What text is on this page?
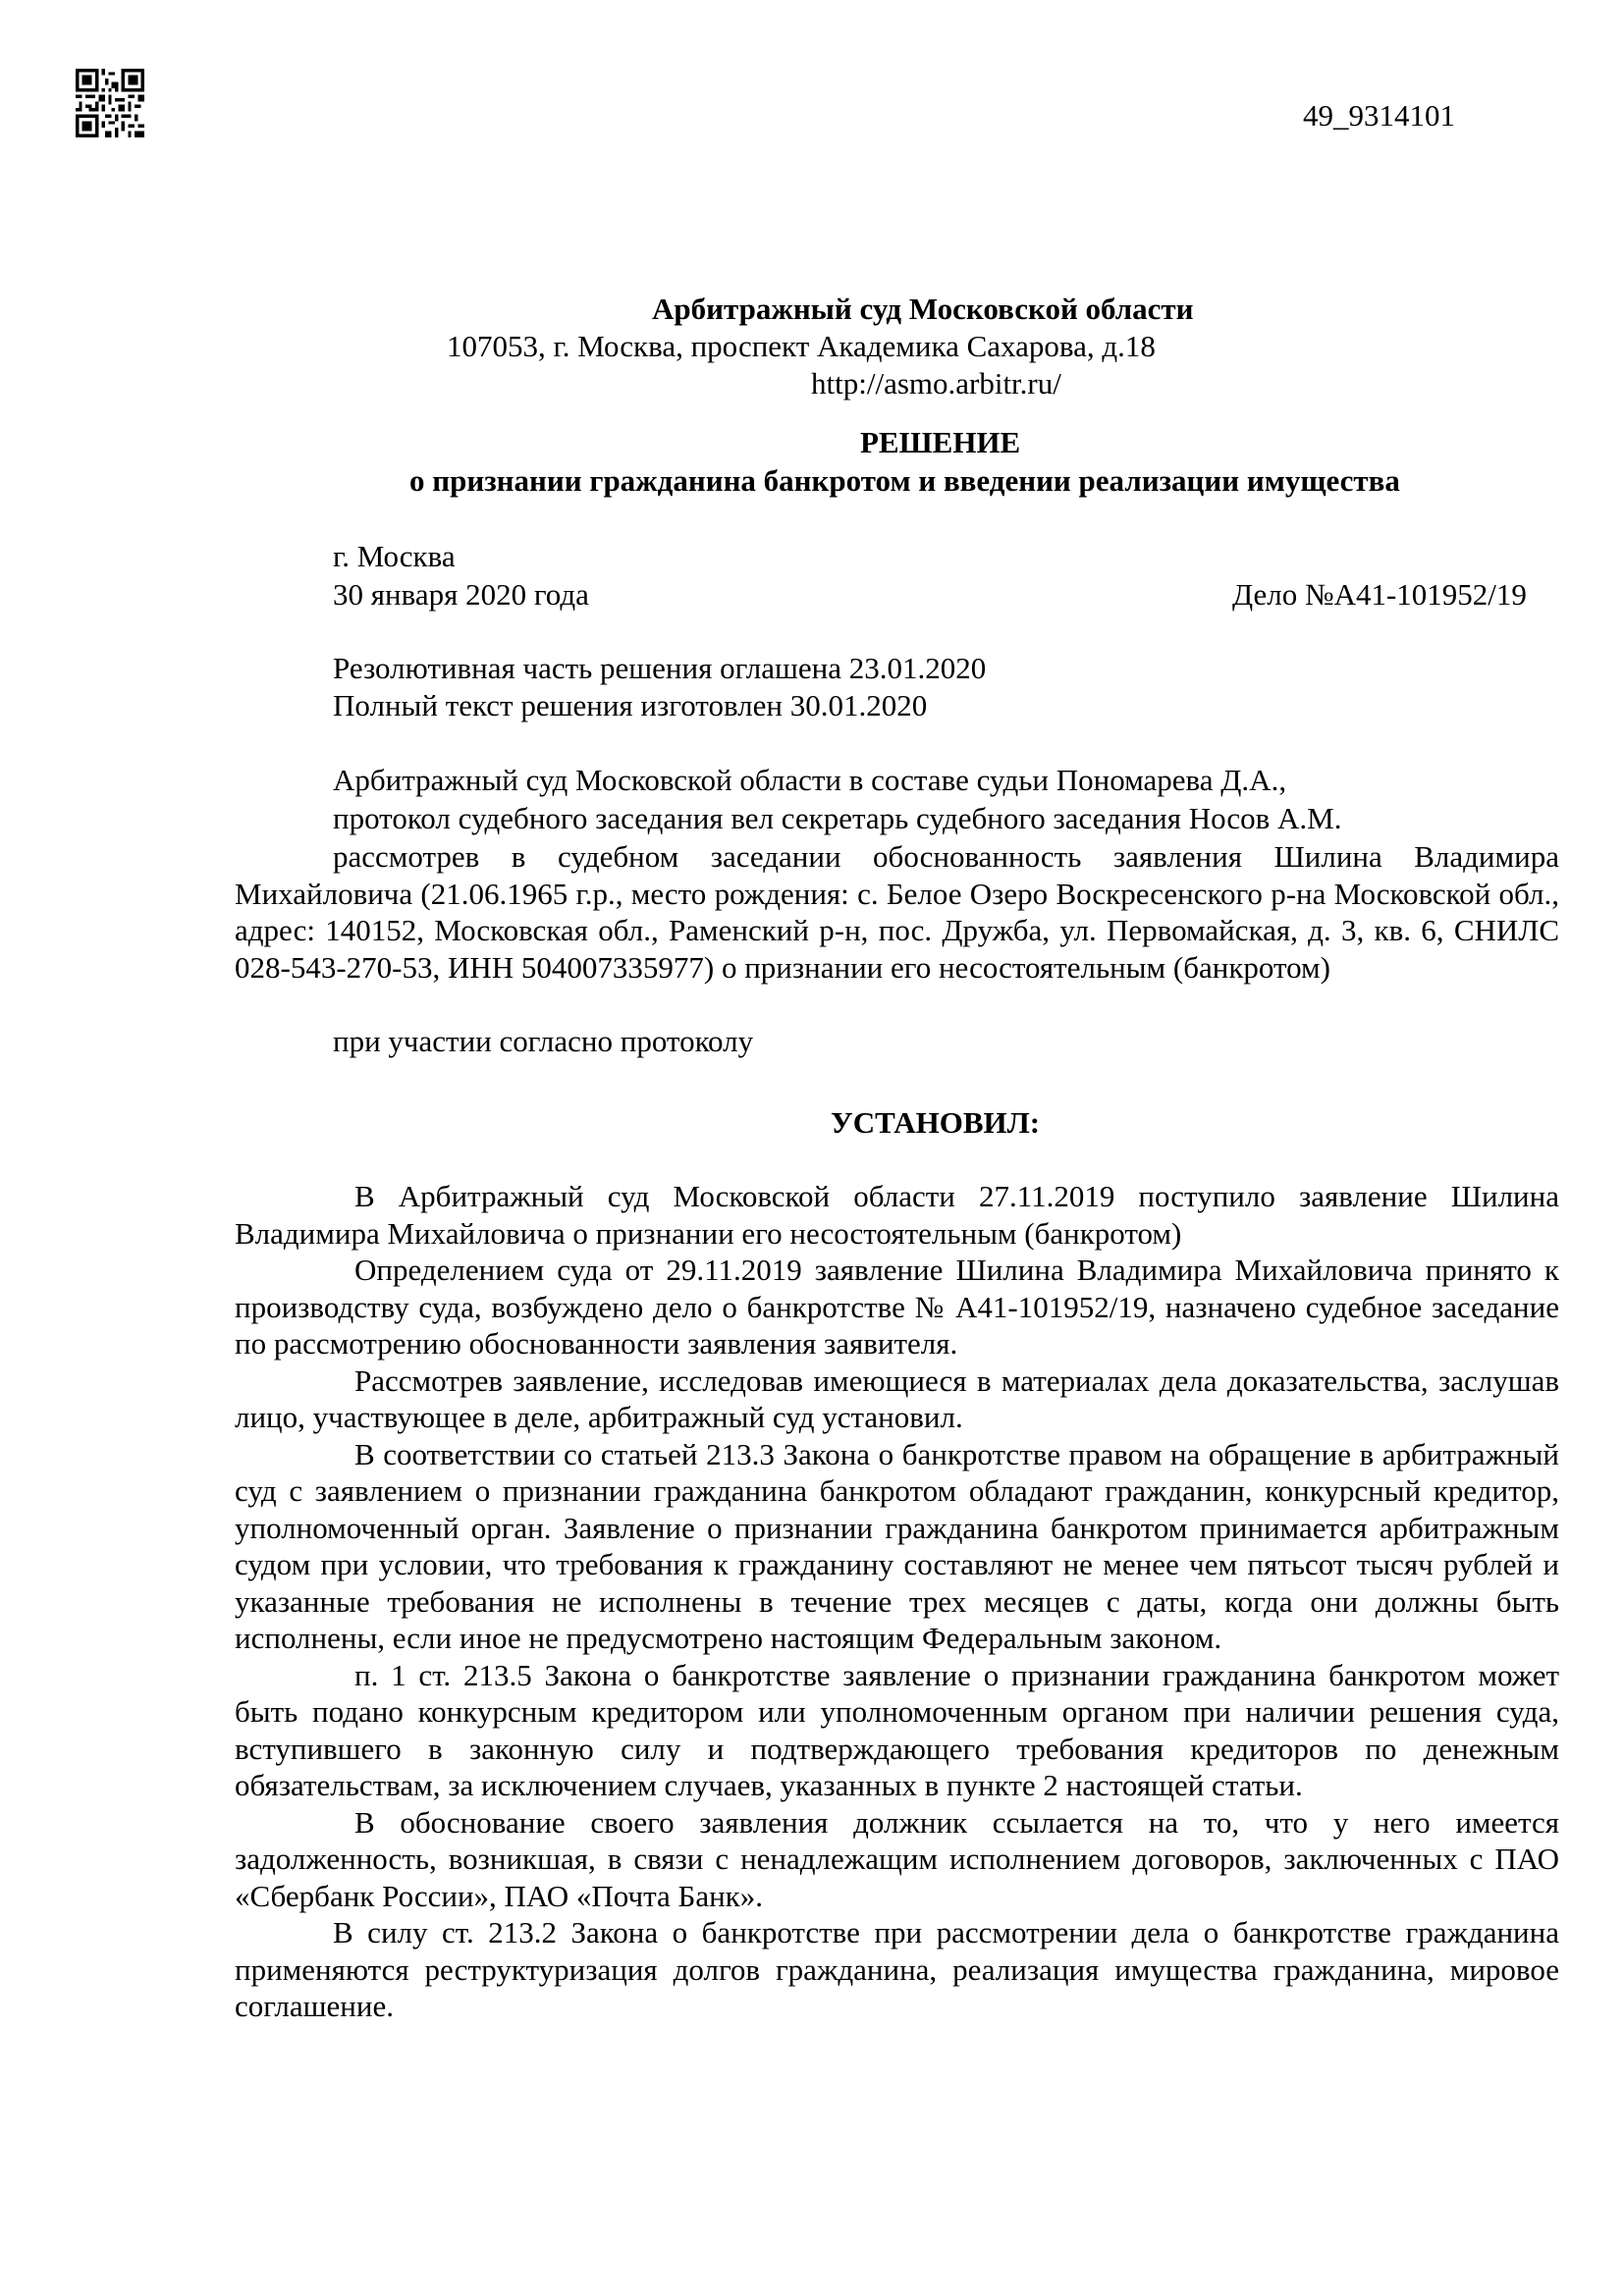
49_9314101
Арбитражный суд Московской области
107053, г. Москва, проспект Академика Сахарова, д.18
http://asmo.arbitr.ru/
РЕШЕНИЕ
о признании гражданина банкротом и введении реализации имущества
г. Москва
30 января 2020 года	Дело №А41-101952/19
Резолютивная часть решения оглашена 23.01.2020
Полный текст решения изготовлен 30.01.2020
Арбитражный суд Московской области в составе судьи Пономарева Д.А.,
протокол судебного заседания вел секретарь судебного заседания Носов А.М.

рассмотрев в судебном заседании обоснованность заявления Шилина Владимира Михайловича (21.06.1965 г.р., место рождения: с. Белое Озеро Воскресенского р-на Московской обл., адрес: 140152, Московская обл., Раменский р-н, пос. Дружба, ул. Первомайская, д. 3, кв. 6, СНИЛС 028-543-270-53, ИНН 504007335977) о признании его несостоятельным (банкротом)

при участии согласно протоколу
УСТАНОВИЛ:

В Арбитражный суд Московской области 27.11.2019 поступило заявление Шилина Владимира Михайловича о признании его несостоятельным (банкротом)

Определением суда от 29.11.2019 заявление Шилина Владимира Михайловича принято к производству суда, возбуждено дело о банкротстве № А41-101952/19, назначено судебное заседание по рассмотрению обоснованности заявления заявителя.

Рассмотрев заявление, исследовав имеющиеся в материалах дела доказательства, заслушав лицо, участвующее в деле, арбитражный суд установил.

В соответствии со статьей 213.3 Закона о банкротстве правом на обращение в арбитражный суд с заявлением о признании гражданина банкротом обладают гражданин, конкурсный кредитор, уполномоченный орган. Заявление о признании гражданина банкротом принимается арбитражным судом при условии, что требования к гражданину составляют не менее чем пятьсот тысяч рублей и указанные требования не исполнены в течение трех месяцев с даты, когда они должны быть исполнены, если иное не предусмотрено настоящим Федеральным законом.

п. 1 ст. 213.5 Закона о банкротстве заявление о признании гражданина банкротом может быть подано конкурсным кредитором или уполномоченным органом при наличии решения суда, вступившего в законную силу и подтверждающего требования кредиторов по денежным обязательствам, за исключением случаев, указанных в пункте 2 настоящей статьи.

В обоснование своего заявления должник ссылается на то, что у него имеется задолженность, возникшая, в связи с ненадлежащим исполнением договоров, заключенных с ПАО «Сбербанк России», ПАО «Почта Банк».

В силу ст. 213.2 Закона о банкротстве при рассмотрении дела о банкротстве гражданина применяются реструктуризация долгов гражданина, реализация имущества гражданина, мировое соглашение.
